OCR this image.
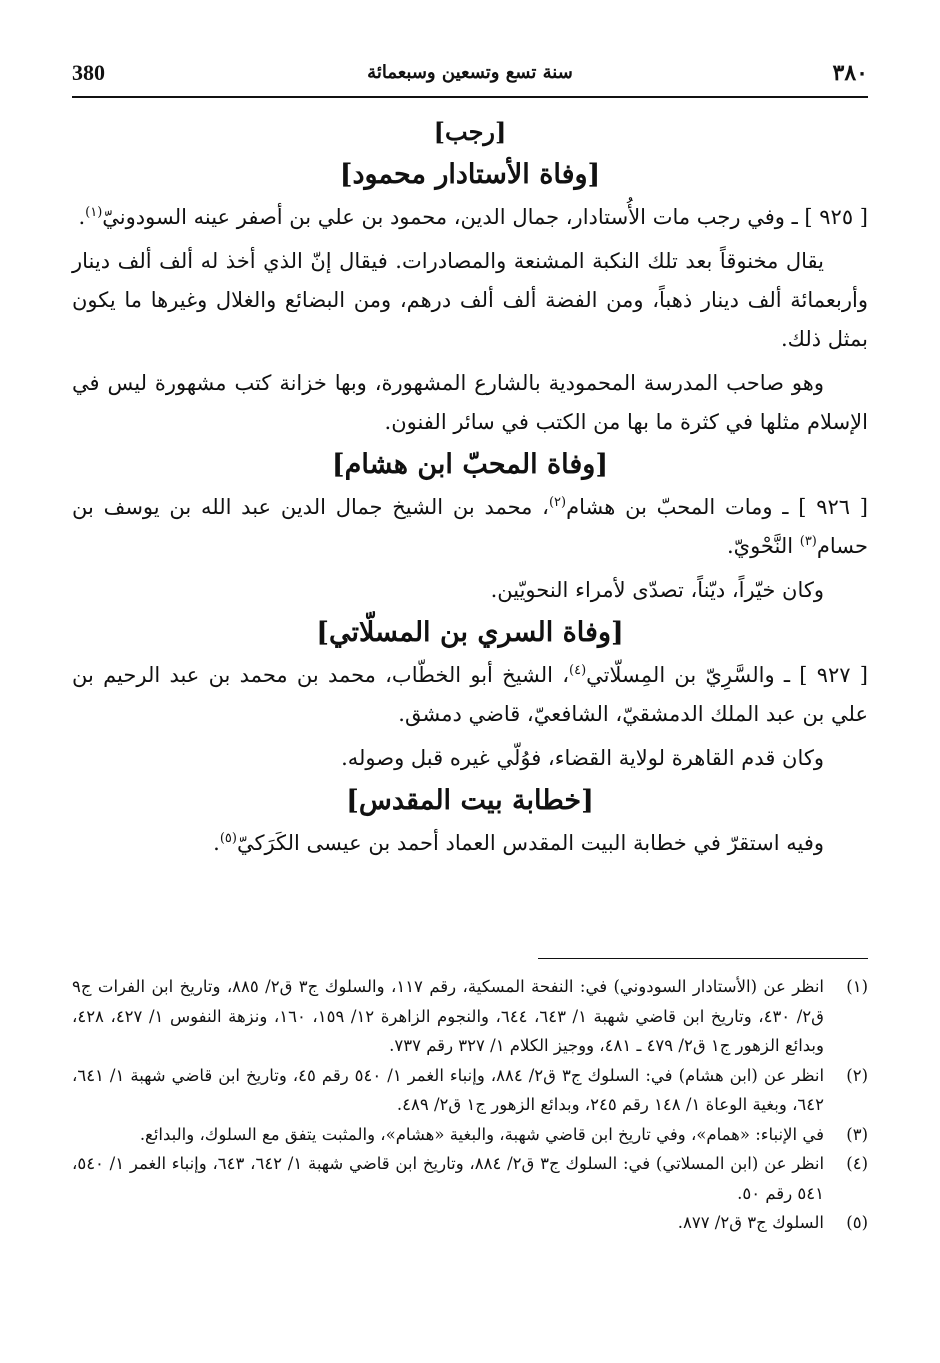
380	سنة تسع وتسعين وسبعمائة	٣٨٠
[رجب]
[وفاة الأستادار محمود]

[ ٩٢٥ ] ـ وفي رجب مات الأُستادار، جمال الدين، محمود بن علي بن أصفر عينه السودونيّ$^{(١)}$.

يقال مخنوقاً بعد تلك النكبة المشنعة والمصادرات. فيقال إنّ الذي أخذ له ألف ألف دينار وأربعمائة ألف دينار ذهباً، ومن الفضة ألف ألف درهم، ومن البضائع والغلال وغيرها ما يكون بمثل ذلك.

وهو صاحب المدرسة المحمودية بالشارع المشهورة، وبها خزانة كتب مشهورة ليس في الإسلام مثلها في كثرة ما بها من الكتب في سائر الفنون.

[وفاة المحبّ ابن هشام]

[ ٩٢٦ ] ـ ومات المحبّ بن هشام$^{(٢)}$، محمد بن الشيخ جمال الدين عبد الله بن يوسف بن حسام$^{(٣)}$ النَّحْويّ.

وكان خيّراً، ديّناً، تصدّى لأمراء النحويّين.

[وفاة السري بن المسلّاتي]

[ ٩٢٧ ] ـ والسَّرِيّ بن المِسلّاتي$^{(٤)}$، الشيخ أبو الخطّاب، محمد بن محمد بن عبد الرحيم بن علي بن عبد الملك الدمشقيّ، الشافعيّ، قاضي دمشق.

وكان قدم القاهرة لولاية القضاء، فوُلّي غيره قبل وصوله.

[خطابة بيت المقدس]

وفيه استقرّ في خطابة البيت المقدس العماد أحمد بن عيسى الكَرَكيّ$^{(٥)}$.

(١)
انظر عن (الأستادار السودوني) في: النفحة المسكية، رقم ١١٧، والسلوك ج٣ ق٢/ ٨٨٥، وتاريخ ابن الفرات ج٩ ق٢/ ٤٣٠، وتاريخ ابن قاضي شهبة ١/ ٦٤٣، ٦٤٤، والنجوم الزاهرة ١٢/ ١٥٩، ١٦٠، ونزهة النفوس ١/ ٤٢٧، ٤٢٨، وبدائع الزهور ج١ ق٢/ ٤٧٩ ـ ٤٨١، ووجيز الكلام ١/ ٣٢٧ رقم ٧٣٧.
(٢)
انظر عن (ابن هشام) في: السلوك ج٣ ق٢/ ٨٨٤، وإنباء الغمر ١/ ٥٤٠ رقم ٤٥، وتاريخ ابن قاضي شهبة ١/ ٦٤١، ٦٤٢، وبغية الوعاة ١/ ١٤٨ رقم ٢٤٥، وبدائع الزهور ج١ ق٢/ ٤٨٩.
(٣)
في الإنباء: «همام»، وفي تاريخ ابن قاضي شهبة، والبغية «هشام»، والمثبت يتفق مع السلوك، والبدائع.
(٤)
انظر عن (ابن المسلاتي) في: السلوك ج٣ ق٢/ ٨٨٤، وتاريخ ابن قاضي شهبة ١/ ٦٤٢، ٦٤٣، وإنباء الغمر ١/ ٥٤٠، ٥٤١ رقم ٥٠.
(٥)
السلوك ج٣ ق٢/ ٨٧٧.
